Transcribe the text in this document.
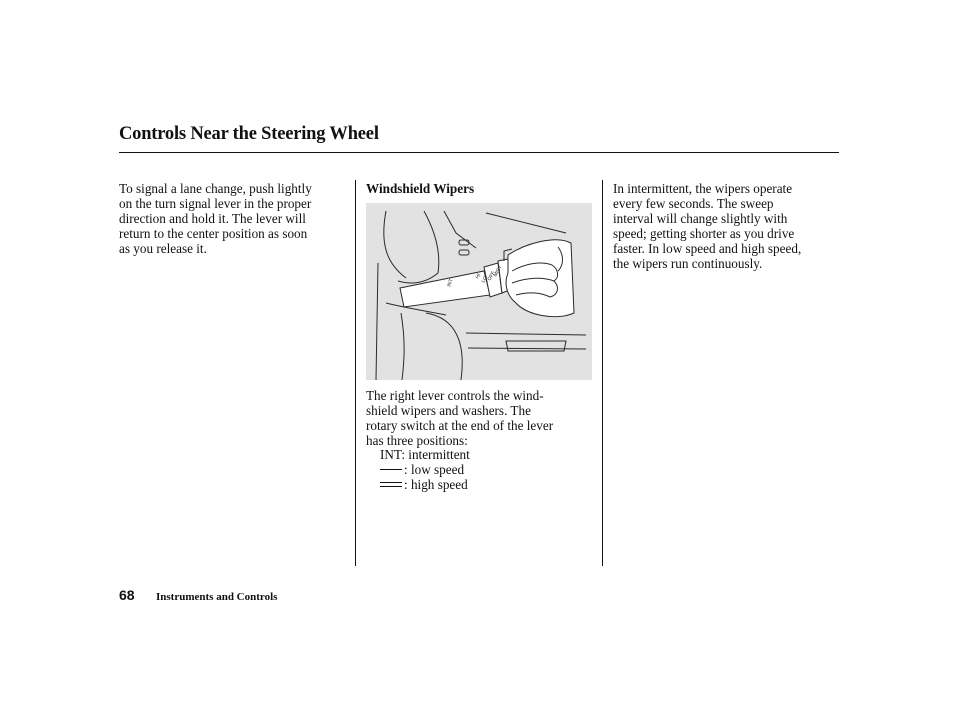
Controls Near the Steering Wheel
To signal a lane change, push lightly
on the turn signal lever in the proper
direction and hold it. The lever will
return to the center position as soon
as you release it.
Windshield Wipers
INT
HI
LO
OFF
MIST
The right lever controls the wind-
shield wipers and washers. The
rotary switch at the end of the lever
has three positions:
INT: intermittent
: low speed
: high speed
In intermittent, the wipers operate
every few seconds. The sweep
interval will change slightly with
speed; getting shorter as you drive
faster. In low speed and high speed,
the wipers run continuously.
68 Instruments and Controls
